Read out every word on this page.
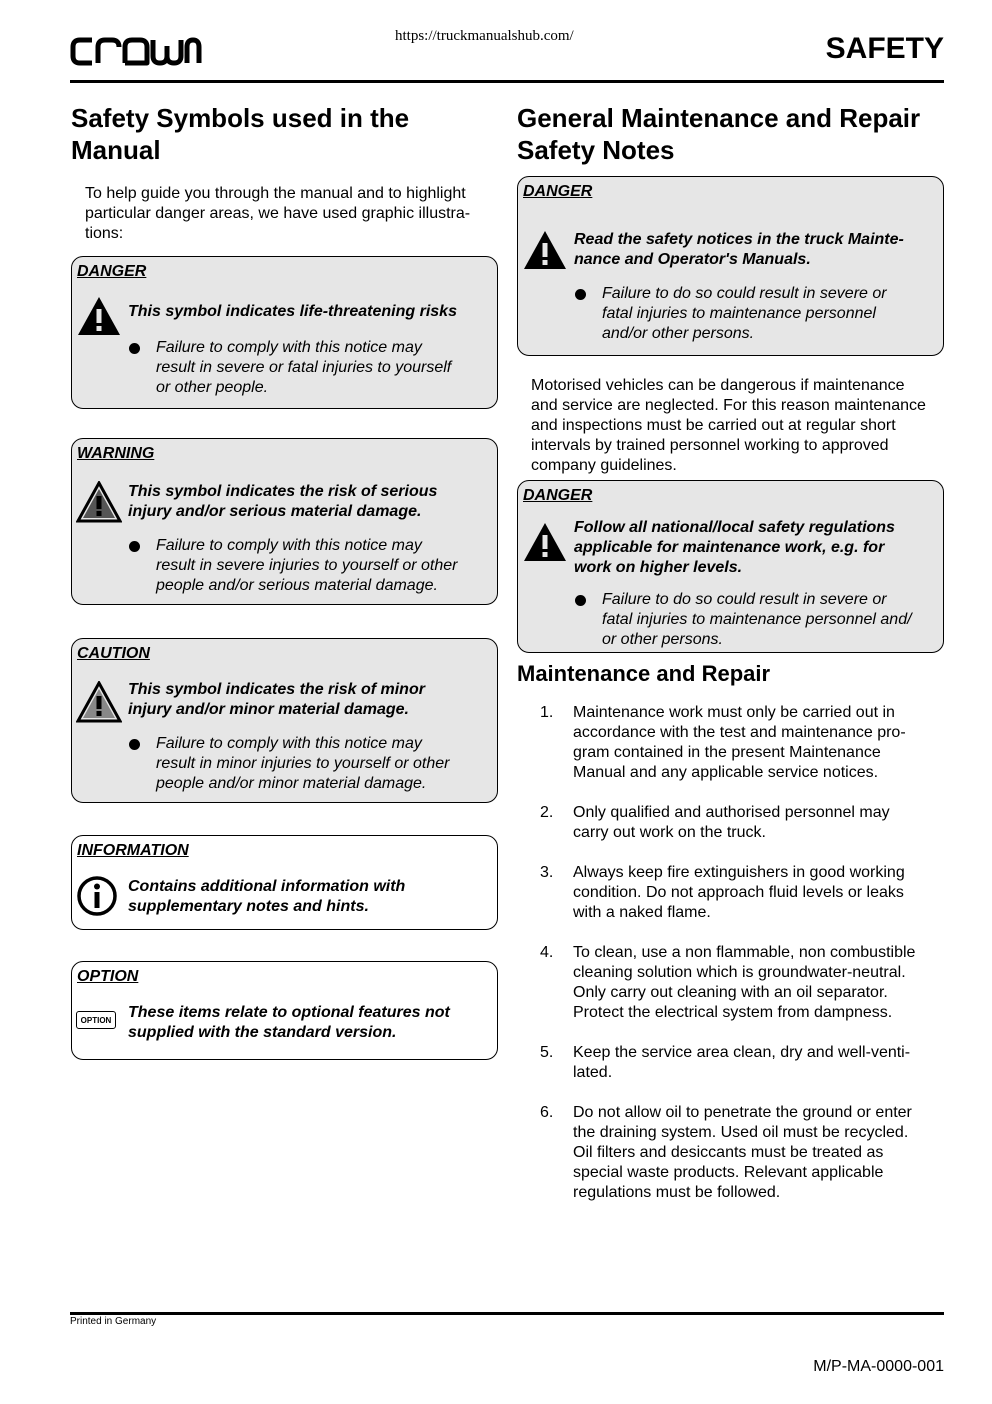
https://truckmanualshub.com/	SAFETY
Safety Symbols used in the
Manual
To help guide you through the manual and to highlight
particular danger areas, we have used graphic illustra-
tions:
DANGER
This symbol indicates life-threatening risks
Failure to comply with this notice may
result in severe or fatal injuries to yourself
or other people.
WARNING
This symbol indicates the risk of serious
injury and/or serious material damage.
Failure to comply with this notice may
result in severe injuries to yourself or other
people and/or serious material damage.
CAUTION
This symbol indicates the risk of minor
injury and/or minor material damage.
Failure to comply with this notice may
result in minor injuries to yourself or other
people and/or minor material damage.
INFORMATION
Contains additional information with
supplementary notes and hints.
OPTION
OPTION These items relate to optional features not
supplied with the standard version.
General Maintenance and Repair
Safety Notes
DANGER
Read the safety notices in the truck Mainte-
nance and Operator's Manuals.
Failure to do so could result in severe or
fatal injuries to maintenance personnel
and/or other persons.
Motorised vehicles can be dangerous if maintenance
and service are neglected. For this reason maintenance
and inspections must be carried out at regular short
intervals by trained personnel working to approved
company guidelines.
DANGER
Follow all national/local safety regulations
applicable for maintenance work, e.g. for
work on higher levels.
Failure to do so could result in severe or
fatal injuries to maintenance personnel and/
or other persons.
Maintenance and Repair
1.	Maintenance work must only be carried out in
accordance with the test and maintenance pro-
gram contained in the present Maintenance
Manual and any applicable service notices.
2.	Only qualified and authorised personnel may
carry out work on the truck.
3.	Always keep fire extinguishers in good working
condition. Do not approach fluid levels or leaks
with a naked flame.
4.	To clean, use a non flammable, non combustible
cleaning solution which is groundwater-neutral.
Only carry out cleaning with an oil separator.
Protect the electrical system from dampness.
5.	Keep the service area clean, dry and well-venti-
lated.
6.	Do not allow oil to penetrate the ground or enter
the draining system. Used oil must be recycled.
Oil filters and desiccants must be treated as
special waste products. Relevant applicable
regulations must be followed.
Printed in Germany
M/P-MA-0000-001
